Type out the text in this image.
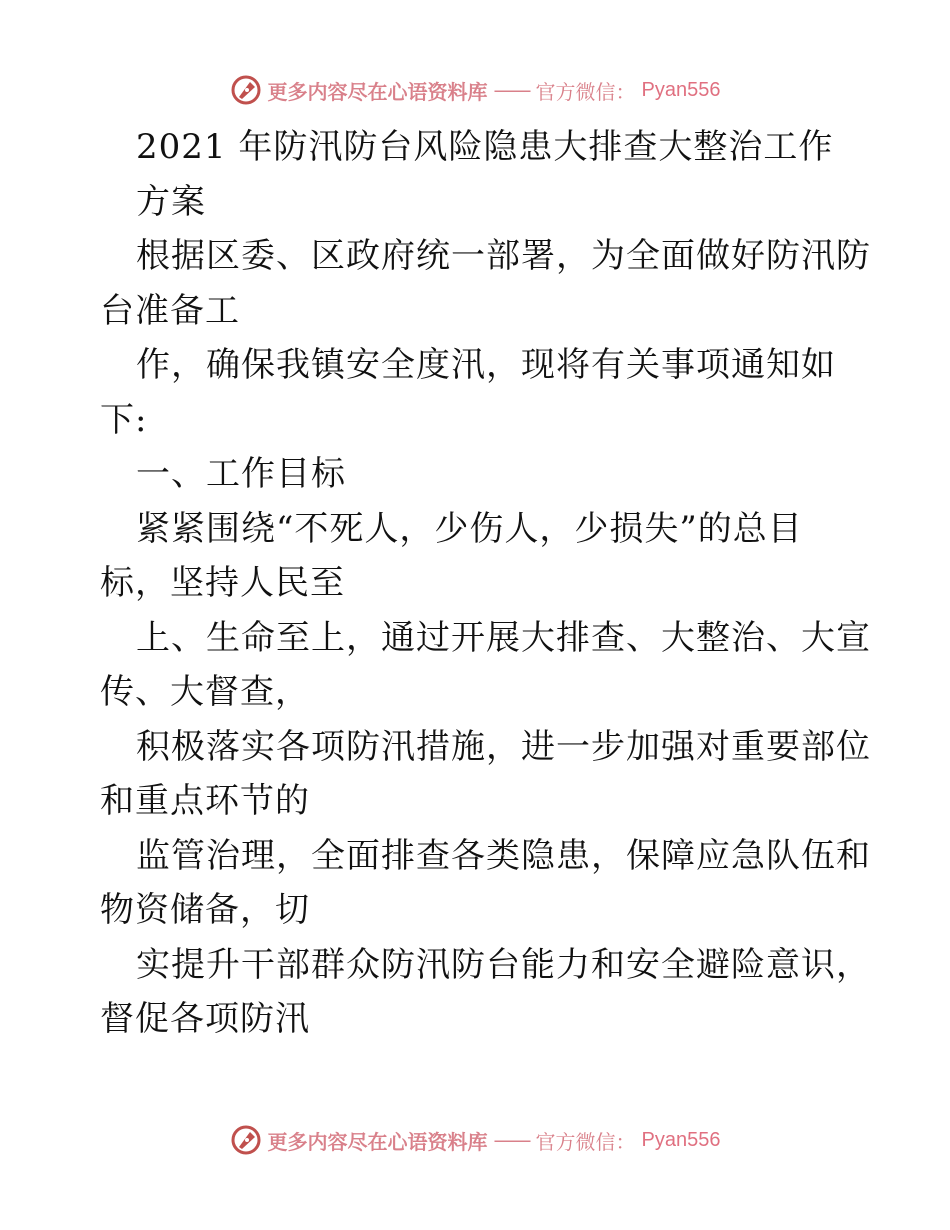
更多内容尽在心语资料库 —— 官方微信： Pyan556
2021 年防汛防台风险隐患大排查大整治工作
方案
根据区委、区政府统一部署，为全面做好防汛防
台准备工
作，确保我镇安全度汛，现将有关事项通知如
下:
一、工作目标
紧紧围绕“不死人，少伤人，少损失”的总目
标，坚持人民至
上、生命至上，通过开展大排查、大整治、大宣
传、大督查，
积极落实各项防汛措施，进一步加强对重要部位
和重点环节的
监管治理，全面排查各类隐患，保障应急队伍和
物资储备，切
实提升干部群众防汛防台能力和安全避险意识，
督促各项防汛
更多内容尽在心语资料库 —— 官方微信： Pyan556
